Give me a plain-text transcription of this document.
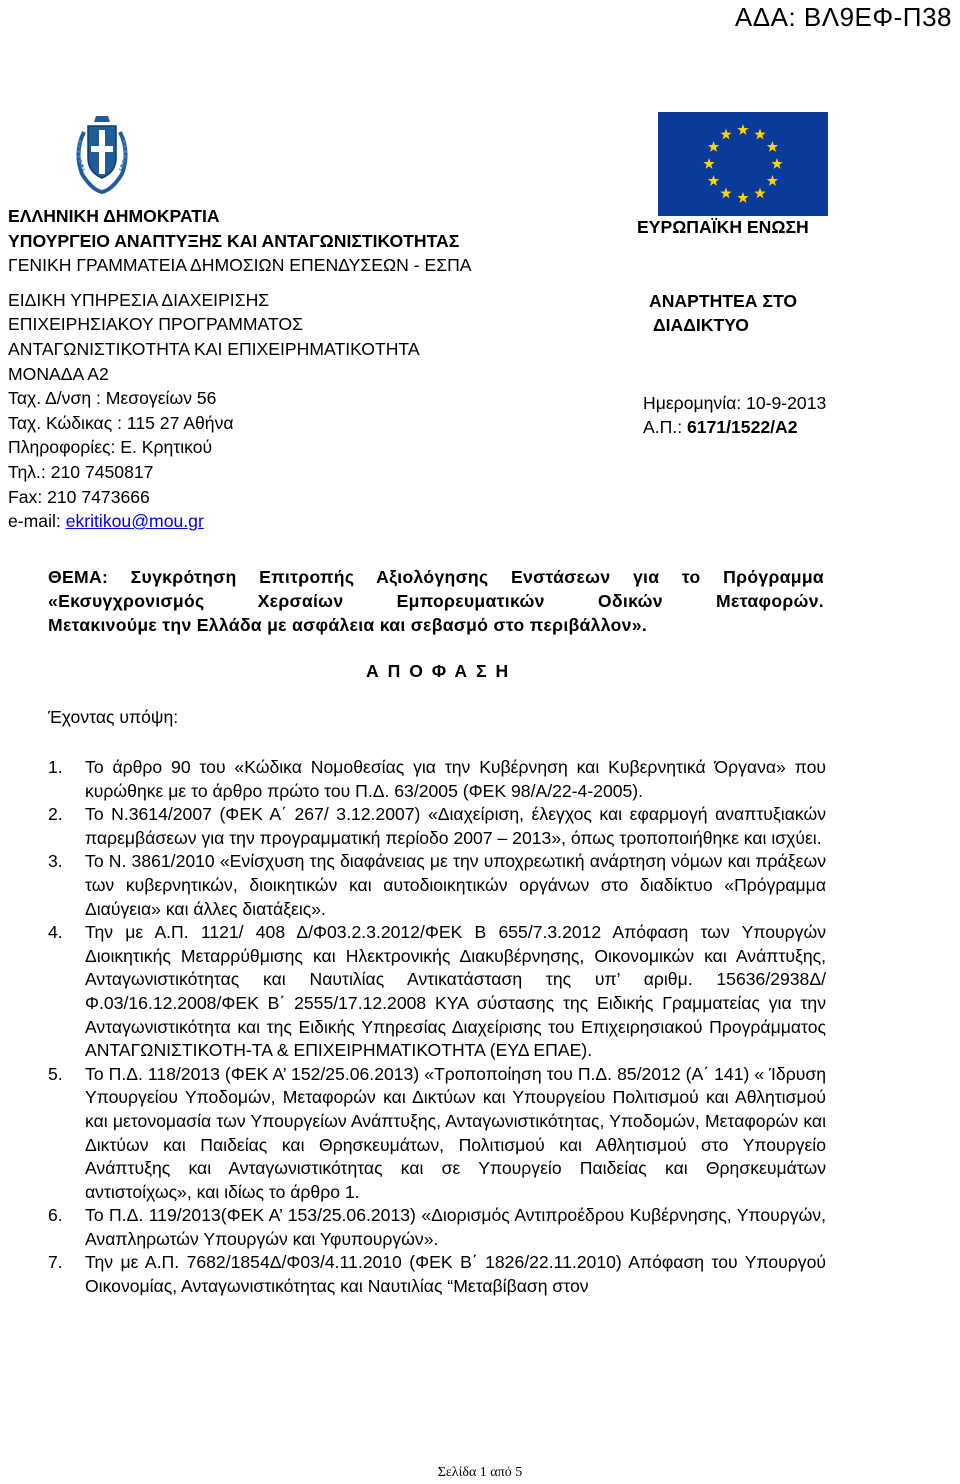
ΑΔΑ: ΒΛ9ΕΦ-Π38
ΕΛΛΗΝΙΚΗ ΔΗΜΟΚΡΑΤΙΑ
ΥΠΟΥΡΓΕΙΟ ΑΝΑΠΤΥΞΗΣ ΚΑΙ ΑΝΤΑΓΩΝΙΣΤΙΚΟΤΗΤΑΣ
ΓΕΝΙΚΗ ΓΡΑΜΜΑΤΕΙΑ ΔΗΜΟΣΙΩΝ ΕΠΕΝΔΥΣΕΩΝ - ΕΣΠΑ
ΕΙΔΙΚΗ ΥΠΗΡΕΣΙΑ ΔΙΑΧΕΙΡΙΣΗΣ
ΕΠΙΧΕΙΡΗΣΙΑΚΟΥ ΠΡΟΓΡΑΜΜΑΤΟΣ
ΑΝΤΑΓΩΝΙΣΤΙΚΟΤΗΤΑ ΚΑΙ ΕΠΙΧΕΙΡΗΜΑΤΙΚΟΤΗΤΑ
ΜΟΝΑΔΑ Α2
Ταχ. Δ/νση : Μεσογείων 56
Ταχ. Κώδικας : 115 27 Αθήνα
Πληροφορίες: Ε. Κρητικού
Τηλ.: 210 7450817
Fax: 210 7473666
e-mail: ekritikou@mou.gr
ΕΥΡΩΠΑΪΚΗ ΕΝΩΣΗ
ΑΝΑΡΤΗΤΕΑ ΣΤΟ
ΔΙΑΔΙΚΤΥΟ
Ημερομηνία: 10-9-2013
Α.Π.: 6171/1522/Α2
ΘΕΜΑ: Συγκρότηση Επιτροπής Αξιολόγησης Ενστάσεων για το Πρόγραμμα
«Εκσυγχρονισμός Χερσαίων Εμπορευματικών Οδικών Μεταφορών.
Μετακινούμε την Ελλάδα με ασφάλεια και σεβασμό στο περιβάλλον».
Α Π Ο Φ Α Σ Η
Έχοντας υπόψη:
1. Το άρθρο 90 του «Κώδικα Νομοθεσίας για την Κυβέρνηση και Κυβερνητικά Όργανα» που κυρώθηκε με το άρθρο πρώτο του Π.Δ. 63/2005 (ΦΕΚ 98/Α/22-4-2005).
2. Το Ν.3614/2007 (ΦΕΚ Α΄ 267/ 3.12.2007) «Διαχείριση, έλεγχος και εφαρμογή αναπτυξιακών παρεμβάσεων για την προγραμματική περίοδο 2007 – 2013», όπως τροποποιήθηκε και ισχύει.
3. Το Ν. 3861/2010 «Ενίσχυση της διαφάνειας με την υποχρεωτική ανάρτηση νόμων και πράξεων των κυβερνητικών, διοικητικών και αυτοδιοικητικών οργάνων στο διαδίκτυο «Πρόγραμμα Διαύγεια» και άλλες διατάξεις».
4. Την με Α.Π. 1121/ 408 Δ/Φ03.2.3.2012/ΦΕΚ Β 655/7.3.2012 Απόφαση των Υπουργών Διοικητικής Μεταρρύθμισης και Ηλεκτρονικής Διακυβέρνησης, Οικονομικών και Ανάπτυξης, Ανταγωνιστικότητας και Ναυτιλίας Αντικατάσταση της υπ’ αριθμ. 15636/2938Δ/Φ.03/16.12.2008/ΦΕΚ Β΄ 2555/17.12.2008 ΚΥΑ σύστασης της Ειδικής Γραμματείας για την Ανταγωνιστικότητα και της Ειδικής Υπηρεσίας Διαχείρισης του Επιχειρησιακού Προγράμματος ΑΝΤΑΓΩΝΙΣΤΙΚΟΤΗ-ΤΑ & ΕΠΙΧΕΙΡΗΜΑΤΙΚΟΤΗΤΑ (ΕΥΔ ΕΠΑΕ).
5. Το Π.Δ. 118/2013 (ΦΕΚ Α’ 152/25.06.2013) «Τροποποίηση του Π.Δ. 85/2012 (Α΄ 141) « Ίδρυση Υπουργείου Υποδομών, Μεταφορών και Δικτύων και Υπουργείου Πολιτισμού και Αθλητισμού και μετονομασία των Υπουργείων Ανάπτυξης, Ανταγωνιστικότητας, Υποδομών, Μεταφορών και Δικτύων και Παιδείας και Θρησκευμάτων, Πολιτισμού και Αθλητισμού στο Υπουργείο Ανάπτυξης και Ανταγωνιστικότητας και σε Υπουργείο Παιδείας και Θρησκευμάτων αντιστοίχως», και ιδίως το άρθρο 1.
6. Το Π.Δ. 119/2013(ΦΕΚ Α’ 153/25.06.2013) «Διορισμός Αντιπροέδρου Κυβέρνησης, Υπουργών, Αναπληρωτών Υπουργών και Υφυπουργών».
7. Την με Α.Π. 7682/1854Δ/Φ03/4.11.2010 (ΦΕΚ Β΄ 1826/22.11.2010) Απόφαση του Υπουργού Οικονομίας, Ανταγωνιστικότητας και Ναυτιλίας “Μεταβίβαση στον
Σελίδα 1 από 5
